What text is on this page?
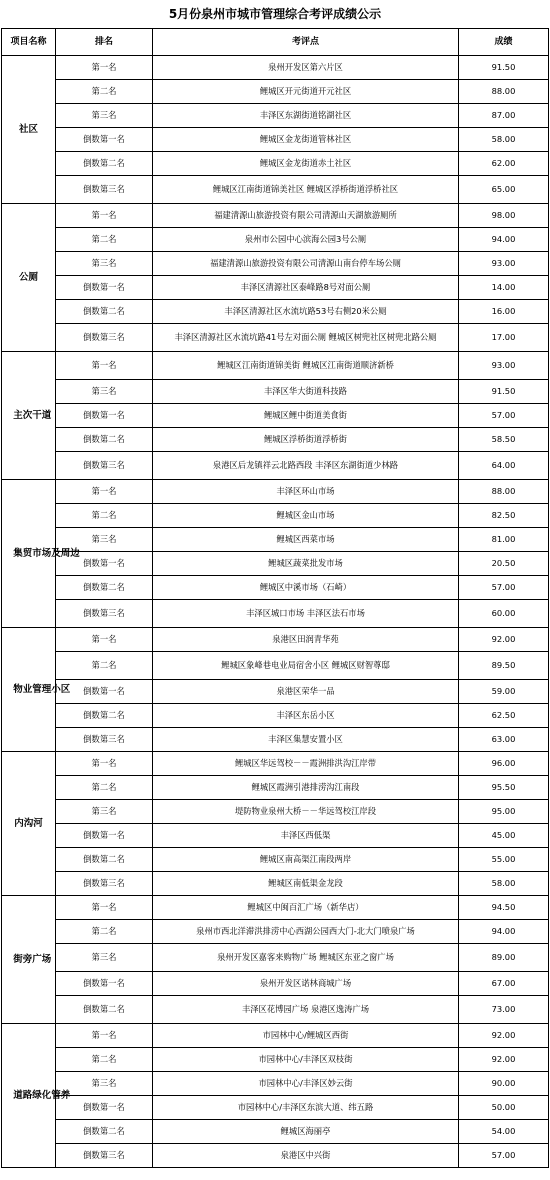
5月份泉州市城市管理综合考评成绩公示
项目名称	排名	考评点	成绩
社区	第一名	泉州开发区第六片区	91.50
	第二名	鲤城区开元街道开元社区	88.00
	第三名	丰泽区东湖街道铭湖社区	87.00
	倒数第一名	鲤城区金龙街道管林社区	58.00
	倒数第二名	鲤城区金龙街道赤土社区	62.00
	倒数第三名	鲤城区江南街道锦美社区 鲤城区浮桥街道浮桥社区	65.00
公厕	第一名	福建清源山旅游投资有限公司清源山天湖旅游厕所	98.00
	第二名	泉州市公园中心滨海公园3号公厕	94.00
	第三名	福建清源山旅游投资有限公司清源山南台停车场公厕	93.00
	倒数第一名	丰泽区清源社区泰峰路8号对面公厕	14.00
	倒数第二名	丰泽区清源社区水流坑路53号右侧20米公厕	16.00
	倒数第三名	丰泽区清源社区水流坑路41号左对面公厕 鲤城区树兜社区树兜北路公厕	17.00
主次干道	第一名	鲤城区江南街道锦美街 鲤城区江南街道顺济新桥	93.00
	第三名	丰泽区华大街道科技路	91.50
	倒数第一名	鲤城区鲤中街道美食街	57.00
	倒数第二名	鲤城区浮桥街道浮桥街	58.50
	倒数第三名	泉港区后龙镇祥云北路西段 丰泽区东湖街道少林路	64.00
集贸市场及周边	第一名	丰泽区环山市场	88.00
	第二名	鲤城区金山市场	82.50
	第三名	鲤城区西菜市场	81.00
	倒数第一名	鲤城区蔬菜批发市场	20.50
	倒数第二名	鲤城区中溪市场（石崎）	57.00
	倒数第三名	丰泽区城口市场 丰泽区法石市场	60.00
物业管理小区	第一名	泉港区田润青华苑	92.00
	第二名	鲤城区象峰巷电业局宿舍小区 鲤城区财智尊邸	89.50
	倒数第一名	泉港区荣华一品	59.00
	倒数第二名	丰泽区东岳小区	62.50
	倒数第三名	丰泽区集慧安置小区	63.00
内沟河	第一名	鲤城区华远驾校－－霞洲排洪沟江岸带	96.00
	第二名	鲤城区霞洲引港排涝沟江南段	95.50
	第三名	堤防物业泉州大桥－－华远驾校江岸段	95.00
	倒数第一名	丰泽区西低渠	45.00
	倒数第二名	鲤城区南高渠江南段两岸	55.00
	倒数第三名	鲤城区南低渠金龙段	58.00
街旁广场	第一名	鲤城区中闽百汇广场（新华店）	94.50
	第二名	泉州市西北洋滞洪排涝中心西湖公园西大门-北大门喷泉广场	94.00
	第三名	泉州开发区嘉客来购物广场 鲤城区东亚之窗广场	89.00
	倒数第一名	泉州开发区诺林商城广场	67.00
	倒数第二名	丰泽区花博园广场 泉港区逸涛广场	73.00
道路绿化管养	第一名	市园林中心/鲤城区西街	92.00
	第二名	市园林中心/丰泽区双枝街	92.00
	第三名	市园林中心/丰泽区妙云街	90.00
	倒数第一名	市园林中心/丰泽区东滨大道、纬五路	50.00
	倒数第二名	鲤城区海丽亭	54.00
	倒数第三名	泉港区中兴街	57.00
